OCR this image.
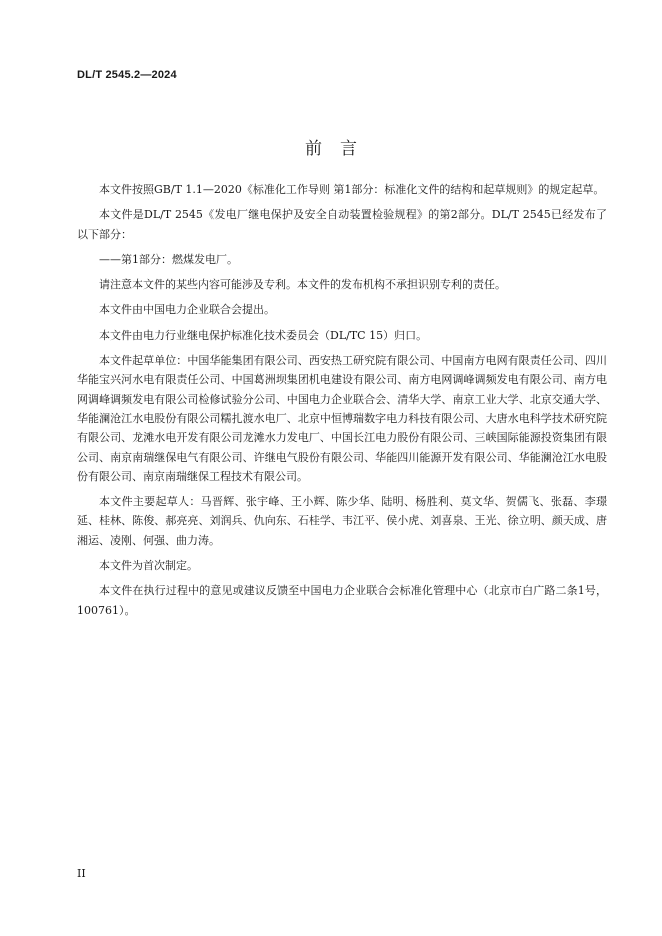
DL/T 2545.2—2024
前言

本文件按照GB/T 1.1—2020《标准化工作导则 第1部分：标准化文件的结构和起草规则》的规定起草。

本文件是DL/T 2545《发电厂继电保护及安全自动装置检验规程》的第2部分。DL/T 2545已经发布了以下部分：

——第1部分：燃煤发电厂。

请注意本文件的某些内容可能涉及专利。本文件的发布机构不承担识别专利的责任。

本文件由中国电力企业联合会提出。

本文件由电力行业继电保护标准化技术委员会（DL/TC 15）归口。

本文件起草单位：中国华能集团有限公司、西安热工研究院有限公司、中国南方电网有限责任公司、四川华能宝兴河水电有限责任公司、中国葛洲坝集团机电建设有限公司、南方电网调峰调频发电有限公司、南方电网调峰调频发电有限公司检修试验分公司、中国电力企业联合会、清华大学、南京工业大学、北京交通大学、华能澜沧江水电股份有限公司糯扎渡水电厂、北京中恒博瑞数字电力科技有限公司、大唐水电科学技术研究院有限公司、龙滩水电开发有限公司龙滩水力发电厂、中国长江电力股份有限公司、三峡国际能源投资集团有限公司、南京南瑞继保电气有限公司、许继电气股份有限公司、华能四川能源开发有限公司、华能澜沧江水电股份有限公司、南京南瑞继保工程技术有限公司。

本文件主要起草人：马晋辉、张宇峰、王小辉、陈少华、陆明、杨胜利、莫文华、贺儒飞、张磊、李璟延、桂林、陈俊、郝亮亮、刘润兵、仇向东、石桂学、韦江平、侯小虎、刘喜泉、王光、徐立明、颜天成、唐湘运、凌刚、何强、曲力涛。

本文件为首次制定。

本文件在执行过程中的意见或建议反馈至中国电力企业联合会标准化管理中心（北京市白广路二条1号，100761）。

II
